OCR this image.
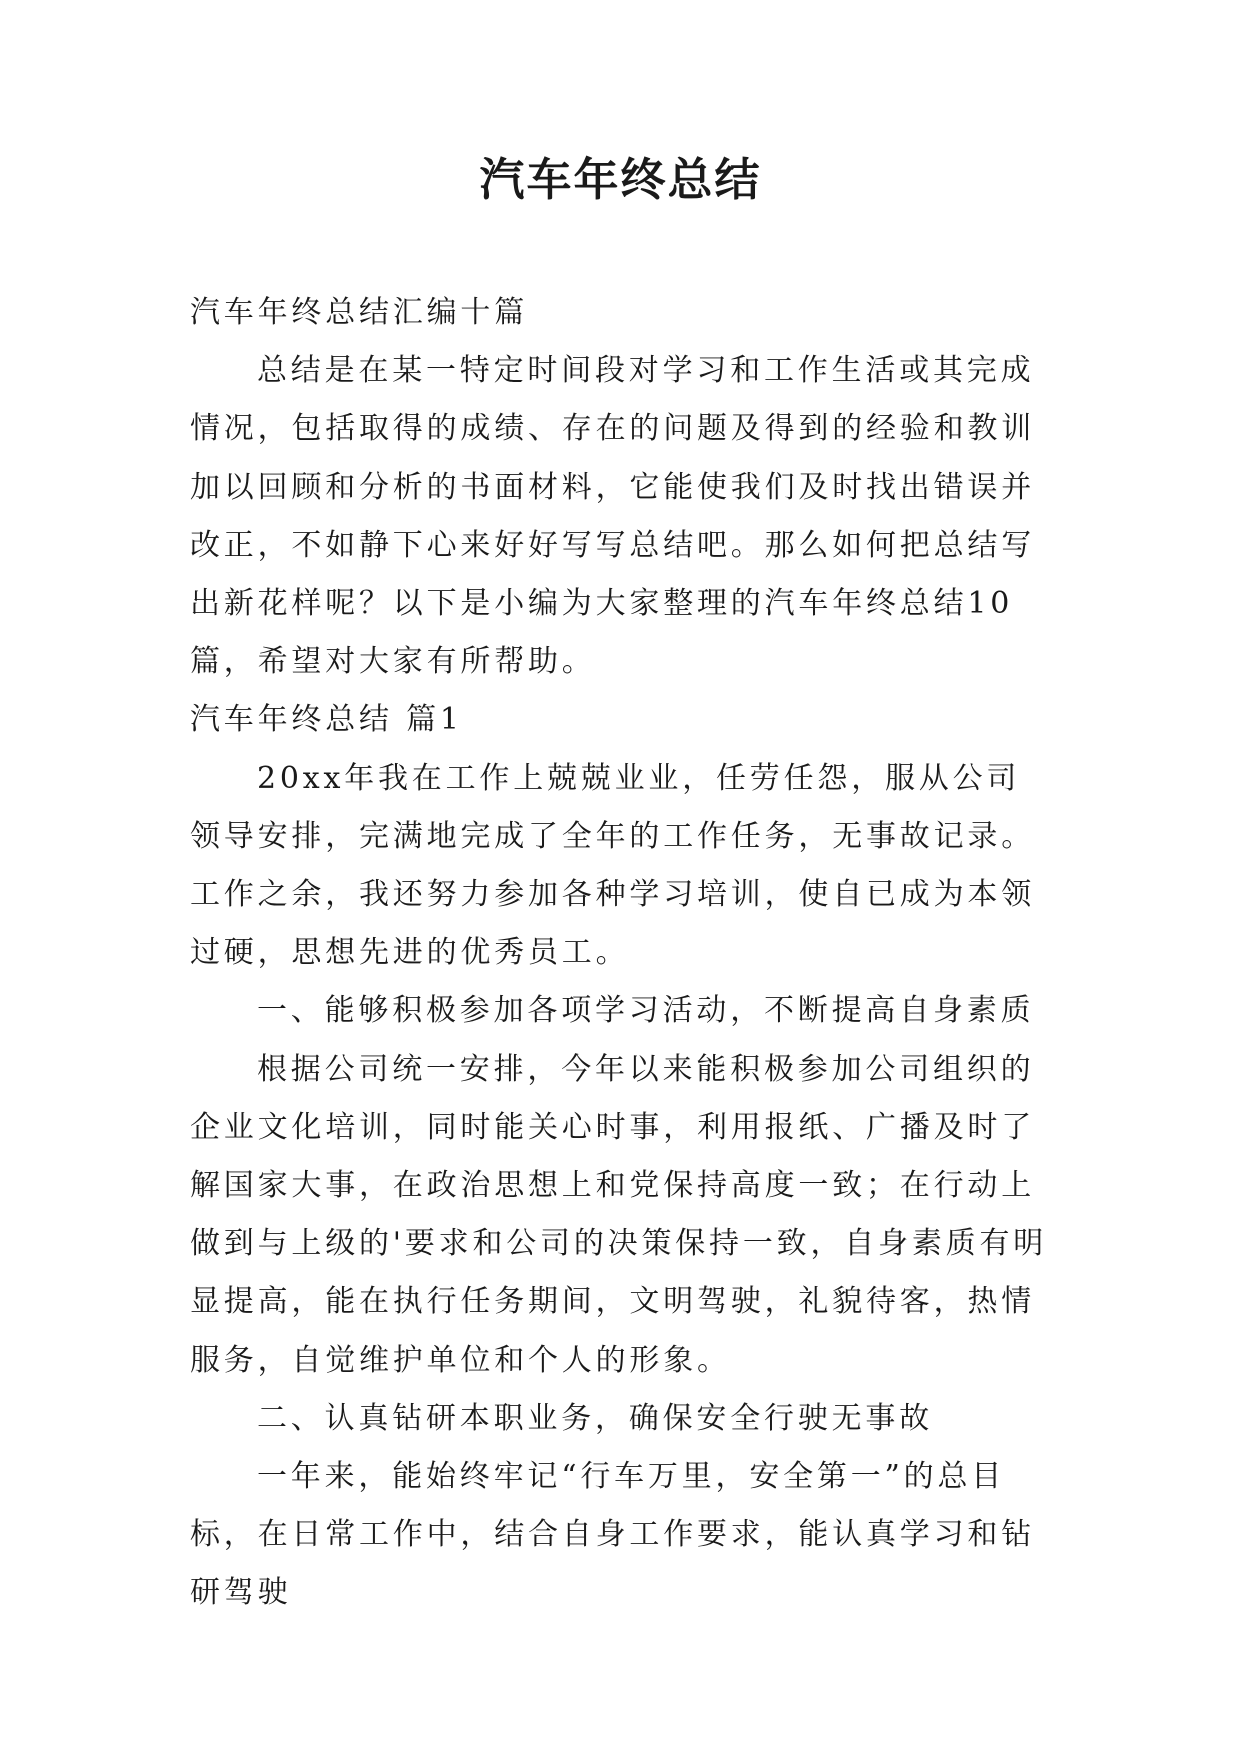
汽车年终总结

汽车年终总结汇编十篇

总结是在某一特定时间段对学习和工作生活或其完成情况，包括取得的成绩、存在的问题及得到的经验和教训加以回顾和分析的书面材料，它能使我们及时找出错误并改正，不如静下心来好好写写总结吧。那么如何把总结写出新花样呢？以下是小编为大家整理的汽车年终总结10篇，希望对大家有所帮助。

汽车年终总结 篇1

20xx年我在工作上兢兢业业，任劳任怨，服从公司领导安排，完满地完成了全年的工作任务，无事故记录。工作之余，我还努力参加各种学习培训，使自已成为本领过硬，思想先进的优秀员工。

一、能够积极参加各项学习活动，不断提高自身素质

根据公司统一安排，今年以来能积极参加公司组织的企业文化培训，同时能关心时事，利用报纸、广播及时了解国家大事，在政治思想上和党保持高度一致；在行动上做到与上级的'要求和公司的决策保持一致，自身素质有明显提高，能在执行任务期间，文明驾驶，礼貌待客，热情服务，自觉维护单位和个人的形象。

二、认真钻研本职业务，确保安全行驶无事故

一年来，能始终牢记“行车万里，安全第一”的总目标，在日常工作中，结合自身工作要求，能认真学习和钻研驾驶
